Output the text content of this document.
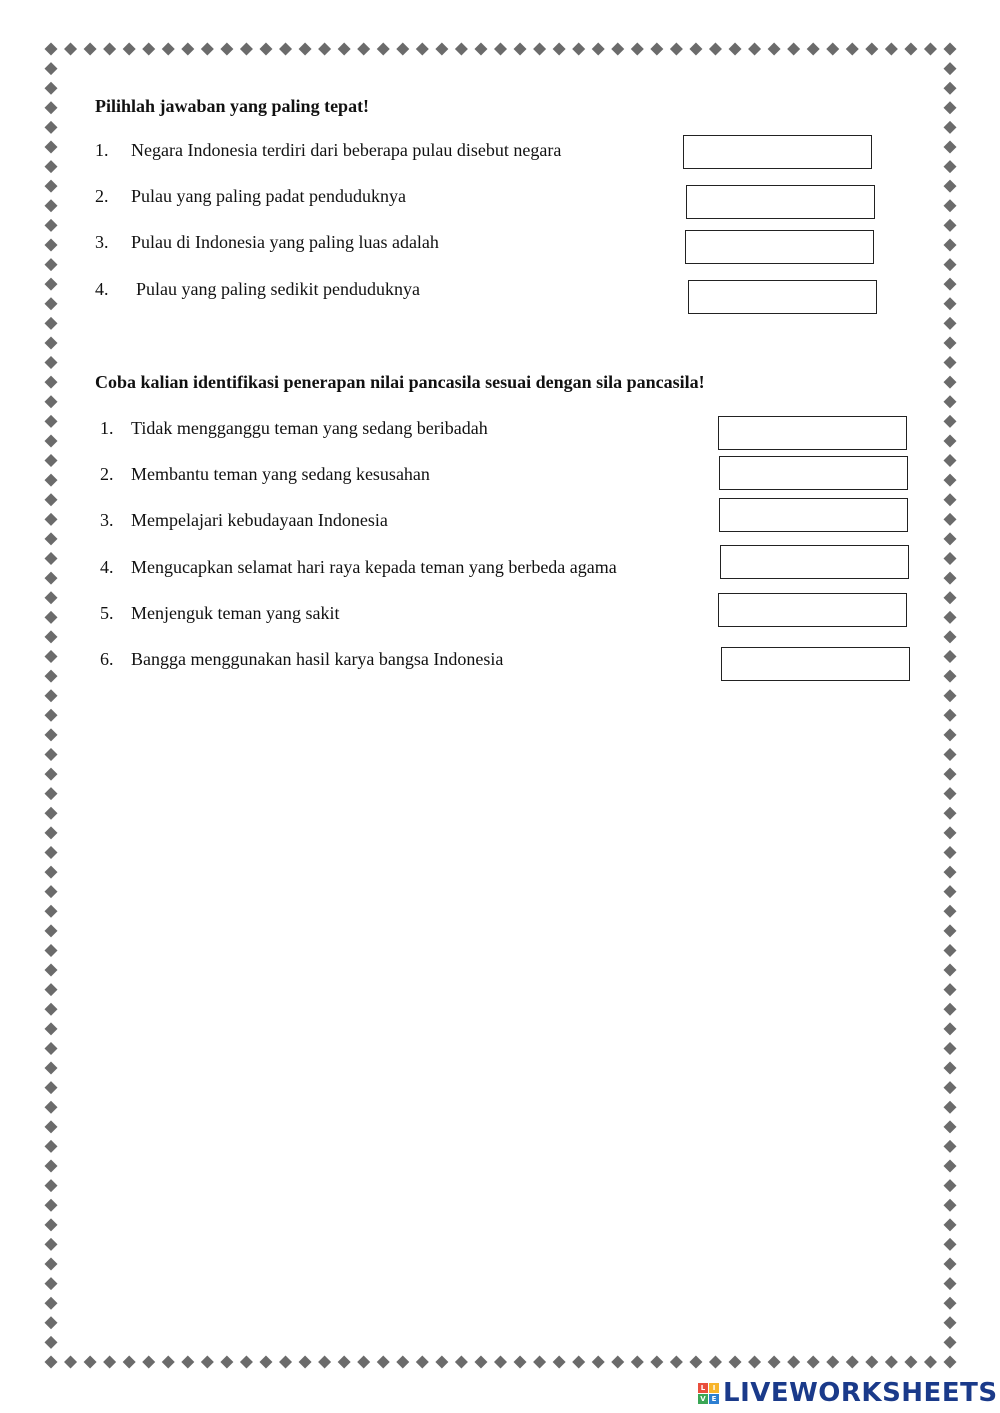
Pilihlah jawaban yang paling tepat!
1. Negara Indonesia terdiri dari beberapa pulau disebut negara
2. Pulau yang paling padat penduduknya
3. Pulau di Indonesia yang paling luas adalah
4. Pulau yang paling sedikit penduduknya
Coba kalian identifikasi penerapan nilai pancasila sesuai dengan sila pancasila!
1. Tidak mengganggu teman yang sedang beribadah
2. Membantu teman yang sedang kesusahan
3. Mempelajari kebudayaan Indonesia
4. Mengucapkan selamat hari raya kepada teman yang berbeda agama
5. Menjenguk teman yang sakit
6. Bangga menggunakan hasil karya bangsa Indonesia
L	I
V E LIVEWORKSHEETS
